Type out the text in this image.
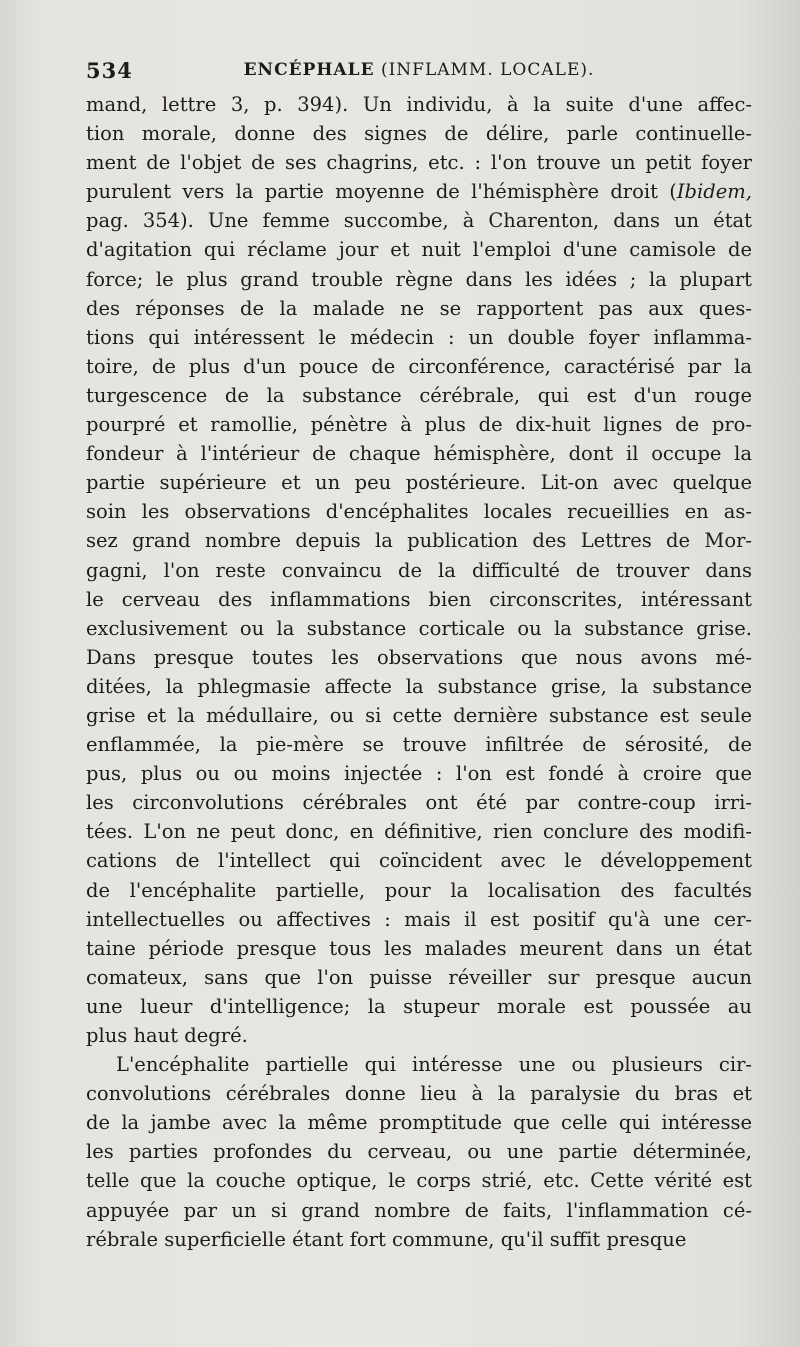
534	ENCÉPHALE (INFLAMM. LOCALE).
mand, lettre 3, p. 394). Un individu, à la suite d'une affec-
tion morale, donne des signes de délire, parle continuelle-
ment de l'objet de ses chagrins, etc. : l'on trouve un petit foyer
purulent vers la partie moyenne de l'hémisphère droit (Ibidem,
pag. 354). Une femme succombe, à Charenton, dans un état
d'agitation qui réclame jour et nuit l'emploi d'une camisole de
force; le plus grand trouble règne dans les idées ; la plupart
des réponses de la malade ne se rapportent pas aux ques-
tions qui intéressent le médecin : un double foyer inflamma-
toire, de plus d'un pouce de circonférence, caractérisé par la
turgescence de la substance cérébrale, qui est d'un rouge
pourpré et ramollie, pénètre à plus de dix-huit lignes de pro-
fondeur à l'intérieur de chaque hémisphère, dont il occupe la
partie supérieure et un peu postérieure. Lit-on avec quelque
soin les observations d'encéphalites locales recueillies en as-
sez grand nombre depuis la publication des Lettres de Mor-
gagni, l'on reste convaincu de la difficulté de trouver dans
le cerveau des inflammations bien circonscrites, intéressant
exclusivement ou la substance corticale ou la substance grise.
Dans presque toutes les observations que nous avons mé-
ditées, la phlegmasie affecte la substance grise, la substance
grise et la médullaire, ou si cette dernière substance est seule
enflammée, la pie-mère se trouve infiltrée de sérosité, de
pus, plus ou ou moins injectée : l'on est fondé à croire que
les circonvolutions cérébrales ont été par contre-coup irri-
tées. L'on ne peut donc, en définitive, rien conclure des modifi-
cations de l'intellect qui coïncident avec le développement
de l'encéphalite partielle, pour la localisation des facultés
intellectuelles ou affectives : mais il est positif qu'à une cer-
taine période presque tous les malades meurent dans un état
comateux, sans que l'on puisse réveiller sur presque aucun
une lueur d'intelligence; la stupeur morale est poussée au
plus haut degré.
L'encéphalite partielle qui intéresse une ou plusieurs cir-
convolutions cérébrales donne lieu à la paralysie du bras et
de la jambe avec la même promptitude que celle qui intéresse
les parties profondes du cerveau, ou une partie déterminée,
telle que la couche optique, le corps strié, etc. Cette vérité est
appuyée par un si grand nombre de faits, l'inflammation cé-
rébrale superficielle étant fort commune, qu'il suffit presque
